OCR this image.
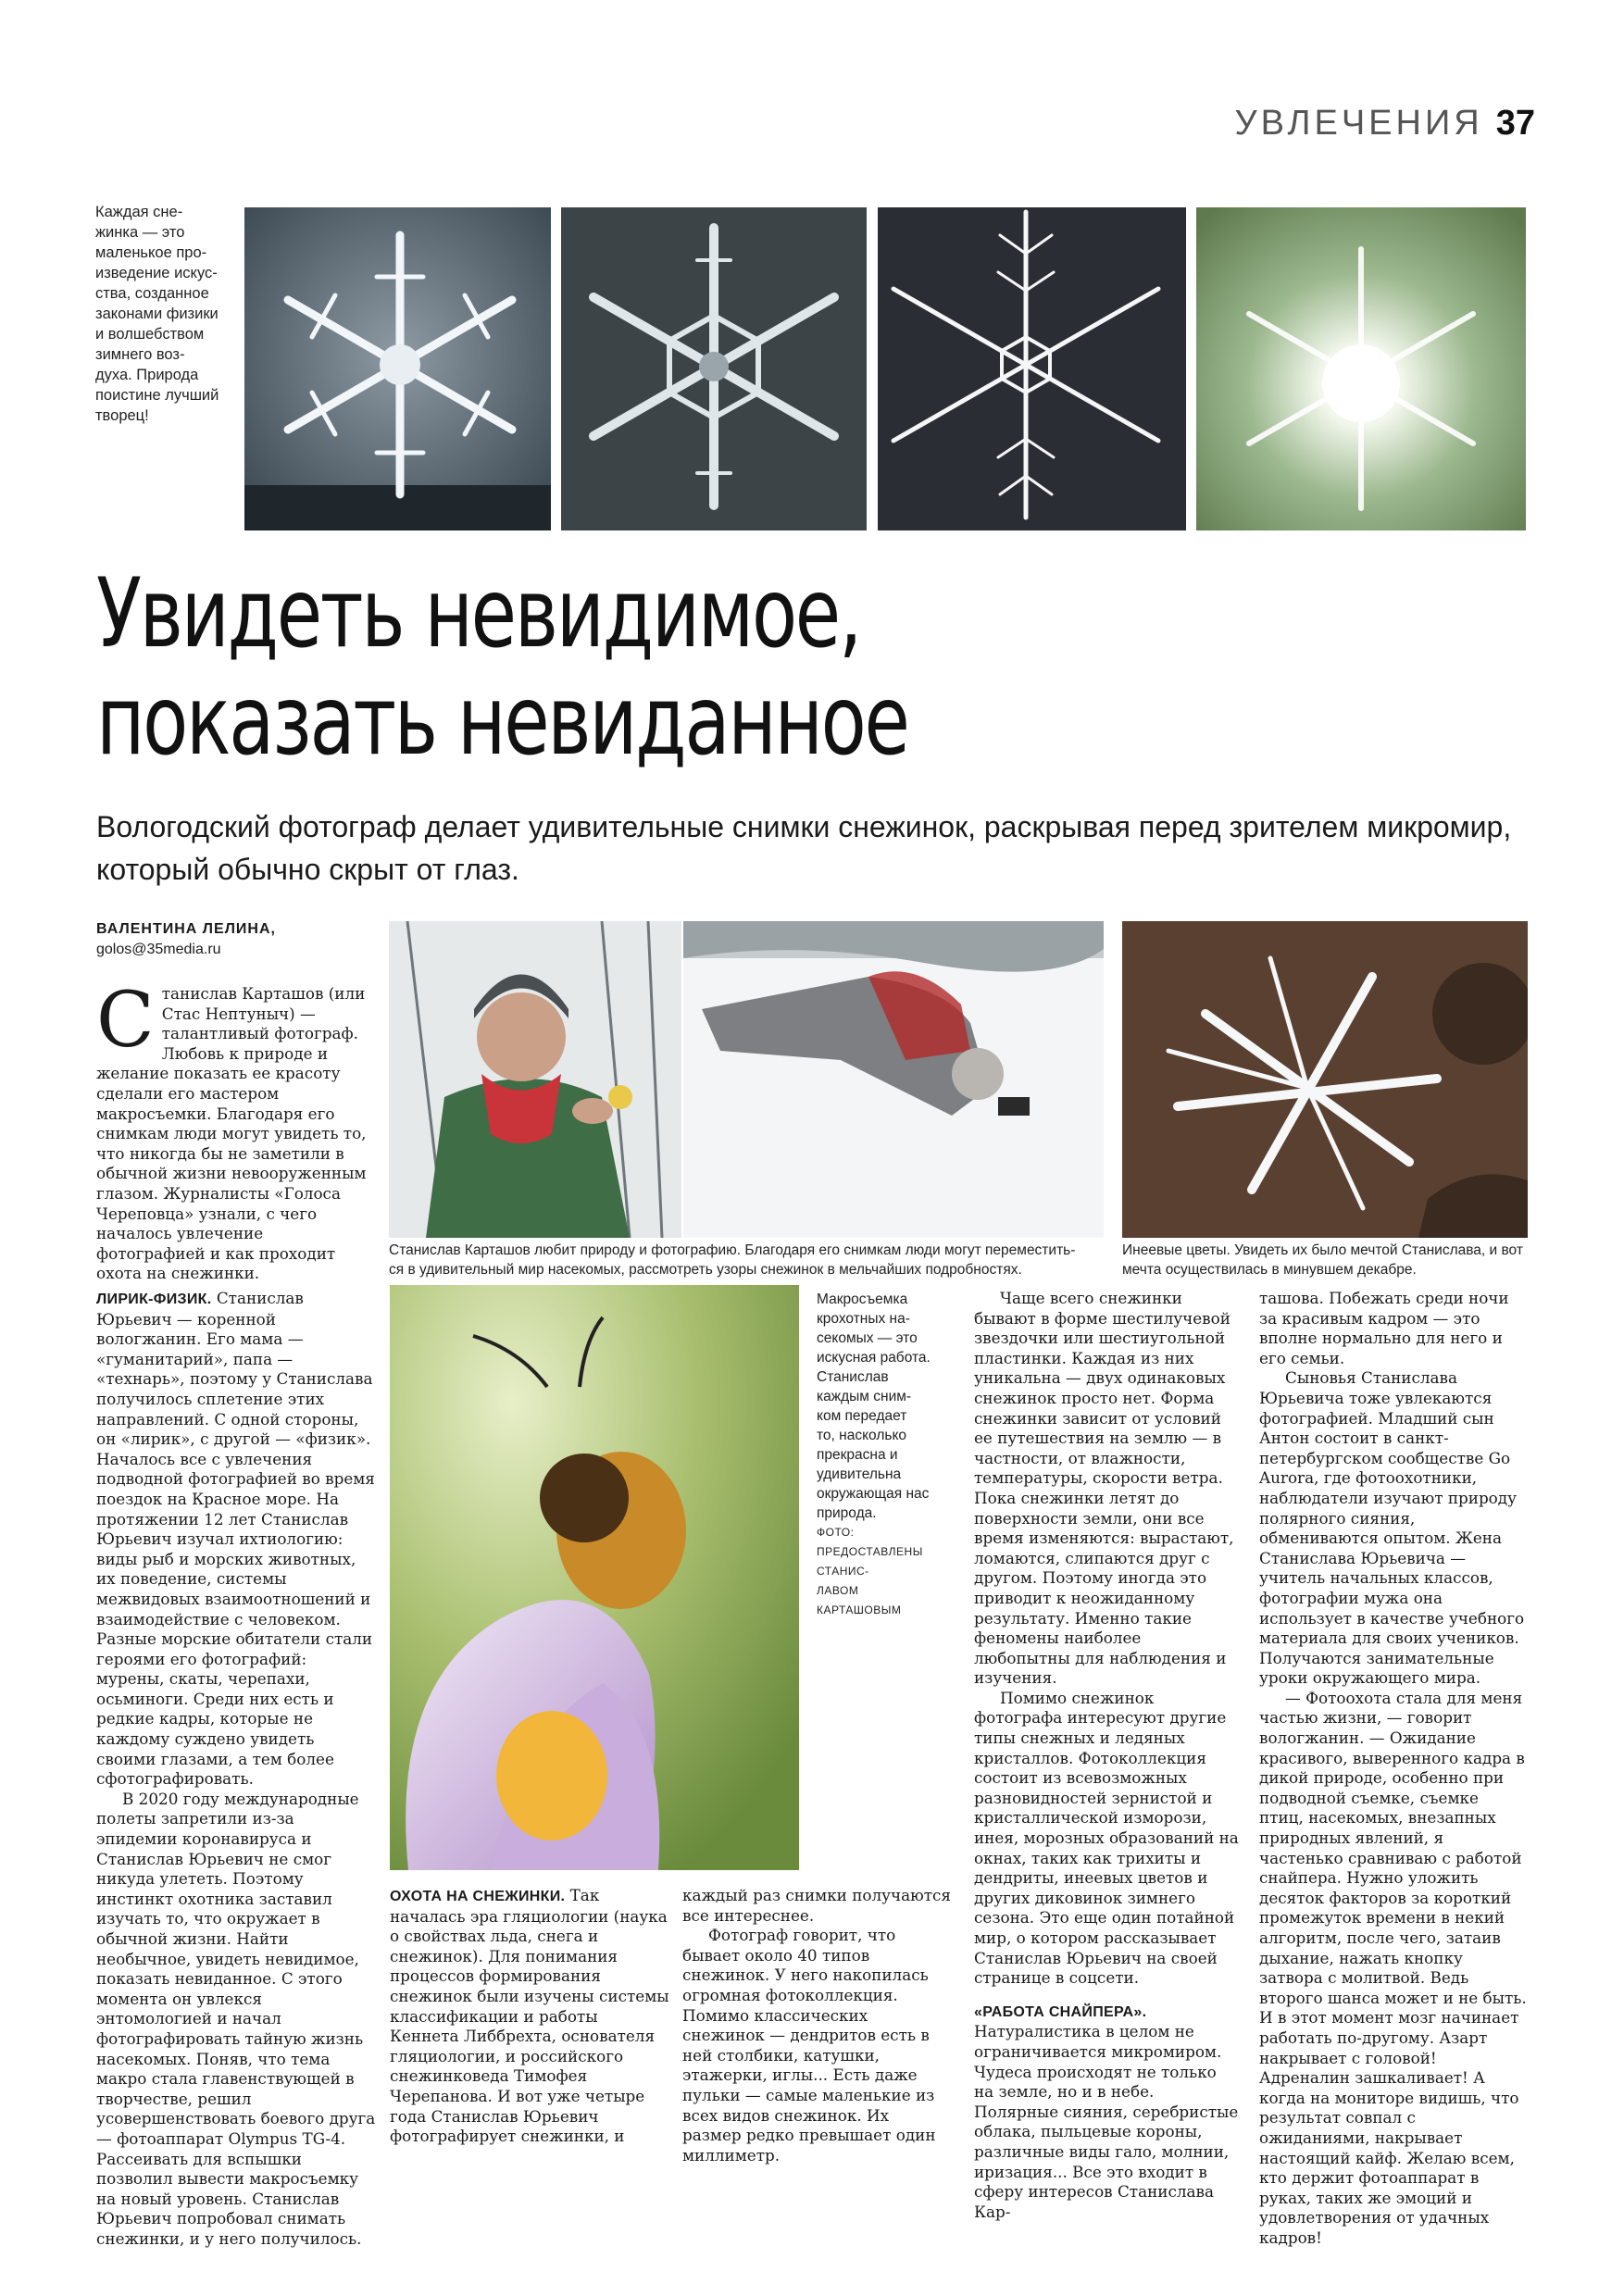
УВЛЕЧЕНИЯ 37
Каждая сне-
жинка — это
маленькое про-
изведение искус-
ства, созданное
законами физики
и волшебством
зимнего воз-
духа. Природа
поистине лучший
творец!
Увидеть невидимое,
показать невиданное
Вологодский фотограф делает удивительные снимки снежинок, раскрывая перед зрителем микромир, который обычно скрыт от глаз.
ВАЛЕНТИНА ЛЕЛИНА,
golos@35media.ru

Станислав Карташов (или Стас Нептуныч) — талантливый фотограф. Любовь к природе и желание показать ее красоту сделали его мастером макросъемки. Благодаря его снимкам люди могут увидеть то, что никогда бы не заметили в обычной жизни невооруженным глазом. Журналисты «Голоса Череповца» узнали, с чего началось увлечение фотографией и как проходит охота на снежинки.

Станислав Карташов любит природу и фотографию. Благодаря его снимкам люди могут переместить-
ся в удивительный мир насекомых, рассмотреть узоры снежинок в мельчайших подробностях.
Инеевые цветы. Увидеть их было мечтой Станислава, и вот
мечта осуществилась в минувшем декабре.

ЛИРИК-ФИЗИК. Станислав Юрьевич — коренной вологжанин. Его мама — «гуманитарий», папа — «технарь», поэтому у Станислава получилось сплетение этих направлений. С одной стороны, он «лирик», с другой — «физик». Началось все с увлечения подводной фотографией во время поездок на Красное море. На протяжении 12 лет Станислав Юрьевич изучал ихтиологию: виды рыб и морских животных, их поведение, системы межвидовых взаимоотношений и взаимодействие с человеком. Разные морские обитатели стали героями его фотографий: мурены, скаты, черепахи, осьминоги. Среди них есть и редкие кадры, которые не каждому суждено увидеть своими глазами, а тем более сфотографировать.

В 2020 году международные полеты запретили из-за эпидемии коронавируса и Станислав Юрьевич не смог никуда улететь. Поэтому инстинкт охотника заставил изучать то, что окружает в обычной жизни. Найти необычное, увидеть невидимое, показать невиданное. С этого момента он увлекся энтомологией и начал фотографировать тайную жизнь насекомых. Поняв, что тема макро стала главенствующей в творчестве, решил усовершенствовать боевого друга — фотоаппарат Olympus TG-4. Рассеивать для вспышки позволил вывести макросъемку на новый уровень. Станислав Юрьевич попробовал снимать снежинки, и у него получилось.

Макросъемка
крохотных на-
секомых — это
искусная работа.
Станислав
каждым сним-
ком передает
то, насколько
прекрасна и
удивительна
окружающая нас
природа.
ФОТО:
ПРЕДОСТАВЛЕНЫ СТАНИС-
ЛАВОМ КАРТАШОВЫМ

ОХОТА НА СНЕЖИНКИ. Так началась эра гляциологии (наука о свойствах льда, снега и снежинок). Для понимания процессов формирования снежинок были изучены системы классификации и работы Кеннета Либбрехта, основателя гляциологии, и российского снежинковеда Тимофея Черепанова. И вот уже четыре года Станислав Юрьевич фотографирует снежинки, и

каждый раз снимки получаются все интереснее.

Фотограф говорит, что бывает около 40 типов снежинок. У него накопилась огромная фотоколлекция. Помимо классических снежинок — дендритов есть в ней столбики, катушки, этажерки, иглы... Есть даже пульки — самые маленькие из всех видов снежинок. Их размер редко превышает один миллиметр.

Чаще всего снежинки бывают в форме шестилучевой звездочки или шестиугольной пластинки. Каждая из них уникальна — двух одинаковых снежинок просто нет. Форма снежинки зависит от условий ее путешествия на землю — в частности, от влажности, температуры, скорости ветра. Пока снежинки летят до поверхности земли, они все время изменяются: вырастают, ломаются, слипаются друг с другом. Поэтому иногда это приводит к неожиданному результату. Именно такие феномены наиболее любопытны для наблюдения и изучения.

Помимо снежинок фотографа интересуют другие типы снежных и ледяных кристаллов. Фотоколлекция состоит из всевозможных разновидностей зернистой и кристаллической изморози, инея, морозных образований на окнах, таких как трихиты и дендриты, инеевых цветов и других диковинок зимнего сезона. Это еще один потайной мир, о котором рассказывает Станислав Юрьевич на своей странице в соцсети.

«РАБОТА СНАЙПЕРА». Натуралистика в целом не ограничивается микромиром. Чудеса происходят не только на земле, но и в небе. Полярные сияния, серебристые облака, пыльцевые короны, различные виды гало, молнии, иризация... Все это входит в сферу интересов Станислава Кар-

ташова. Побежать среди ночи за красивым кадром — это вполне нормально для него и его семьи.

Сыновья Станислава Юрьевича тоже увлекаются фотографией. Младший сын Антон состоит в санкт-петербургском сообществе Go Aurora, где фотоохотники, наблюдатели изучают природу полярного сияния, обмениваются опытом. Жена Станислава Юрьевича — учитель начальных классов, фотографии мужа она использует в качестве учебного материала для своих учеников. Получаются занимательные уроки окружающего мира.

— Фотоохота стала для меня частью жизни, — говорит вологжанин. — Ожидание красивого, выверенного кадра в дикой природе, особенно при подводной съемке, съемке птиц, насекомых, внезапных природных явлений, я частенько сравниваю с работой снайпера. Нужно уложить десяток факторов за короткий промежуток времени в некий алгоритм, после чего, затаив дыхание, нажать кнопку затвора с молитвой. Ведь второго шанса может и не быть. И в этот момент мозг начинает работать по-другому. Азарт накрывает с головой! Адреналин зашкаливает! А когда на мониторе видишь, что результат совпал с ожиданиями, накрывает настоящий кайф. Желаю всем, кто держит фотоаппарат в руках, таких же эмоций и удовлетворения от удачных кадров!
